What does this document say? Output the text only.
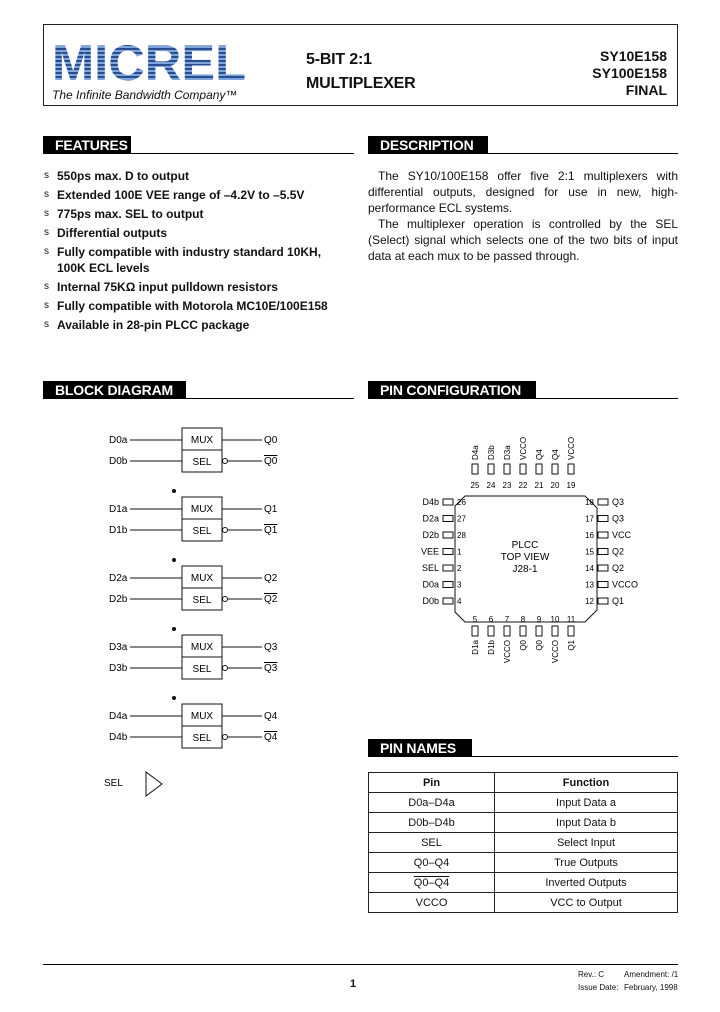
MICREL
The Infinite Bandwidth Company™
5-BIT 2:1
MULTIPLEXER
SY10E158
SY100E158
FINAL
FEATURES	DESCRIPTION
s 550ps max. D to output
s Extended 100E VEE range of –4.2V to –5.5V
s 775ps max. SEL to output
s Differential outputs
s Fully compatible with industry standard 10KH,
100K ECL levels
s Internal 75KΩ input pulldown resistors
s Fully compatible with Motorola MC10E/100E158
s Available in 28-pin PLCC package

The SY10/100E158 offer five 2:1 multiplexers with differential outputs, designed for use in new, high-performance ECL systems.

The multiplexer operation is controlled by the SEL (Select) signal which selects one of the two bits of input data at each mux to be passed through.

BLOCK DIAGRAM	PIN CONFIGURATION
MUX
SEL
D0a
D0b
Q0
Q0
MUX
SEL
D1a
D1b
Q1
Q1
MUX
SEL
D2a
D2b
Q2
Q2
MUX
SEL
D3a
D3b
Q3
Q3
MUX
SEL
D4a
D4b
Q4
Q4
SEL
PLCC
TOP VIEW
J28-1
25
D4a
24
D3b
23
D3a
22
VCCO
21
Q4
20
Q4
19
VCCO
5
D1a
6
D1b
7
VCCO
8
Q0
9
Q0
10
VCCO
11
Q1
26
D4b
27
D2a
28
D2b
1
VEE
2
SEL
3
D0a
4
D0b
18 Q3
17 Q3
16 VCC
15 Q2
14 Q2
13 VCCO
12 Q1
PIN NAMES
Pin	Function
D0a–D4a	Input Data a
D0b–D4b	Input Data b
SEL	Select Input
Q0–Q4	True Outputs
Q0–Q4	Inverted Outputs
VCCO	VCC to Output
1
Rev.: C Amendment: /1
Issue Date: February, 1998
